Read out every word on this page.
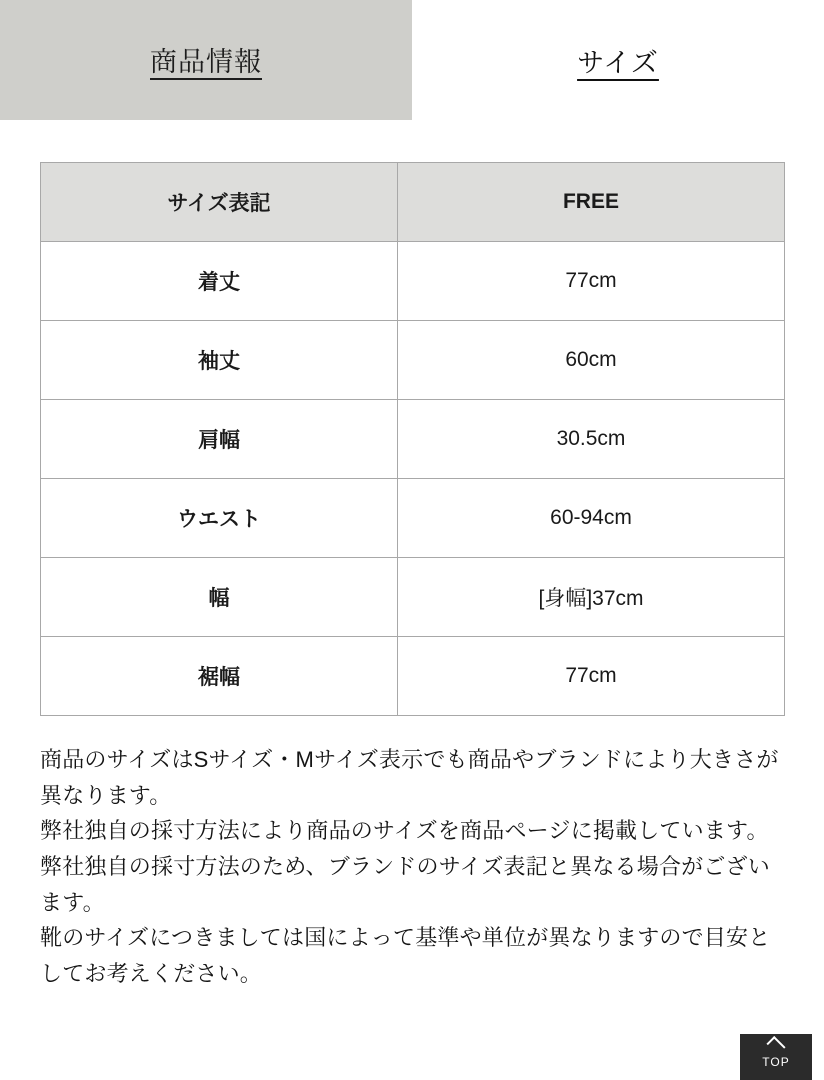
商品情報	サイズ
サイズ表記	FREE
着丈	77cm
袖丈	60cm
肩幅	30.5cm
ウエスト	60-94cm
幅	[身幅]37cm
裾幅	77cm

商品のサイズはSサイズ・Mサイズ表示でも商品やブランドにより大きさが異なります。

弊社独自の採寸方法により商品のサイズを商品ページに掲載しています。

弊社独自の採寸方法のため、ブランドのサイズ表記と異なる場合がございます。

靴のサイズにつきましては国によって基準や単位が異なりますので目安としてお考えください。

TOP
